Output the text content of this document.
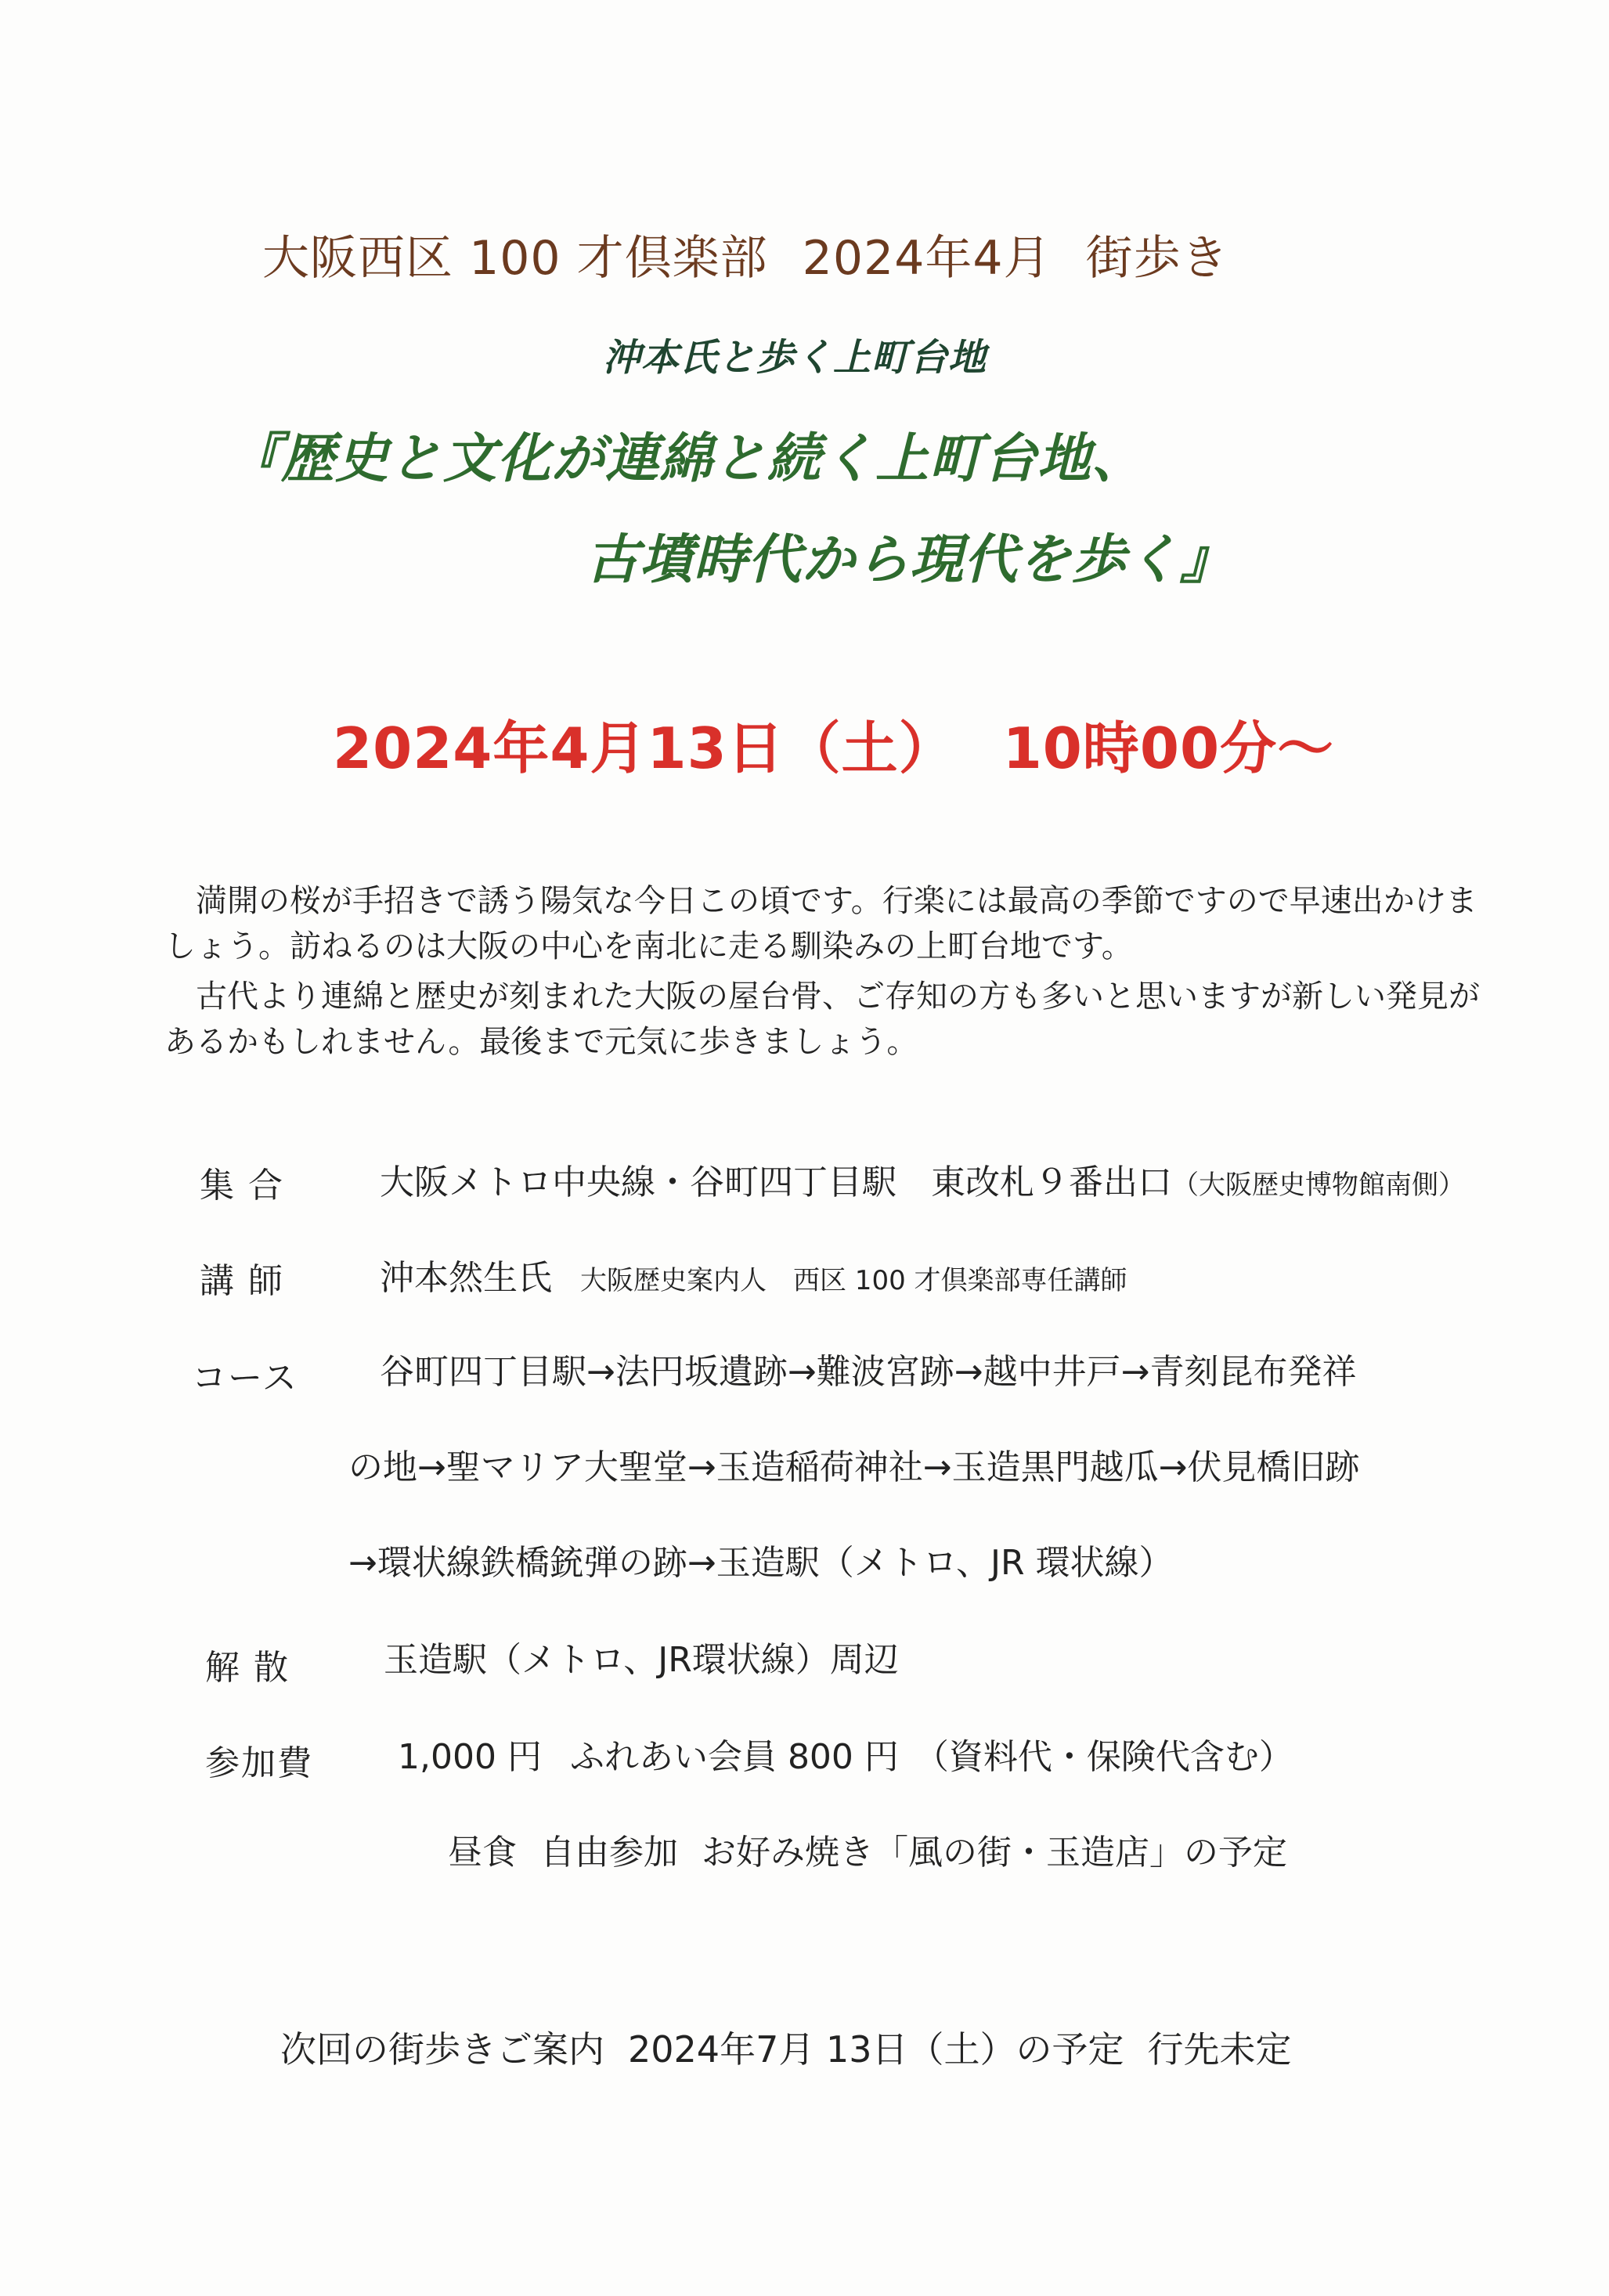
大阪西区 100 才倶楽部 2024年4月 街歩き
沖本氏と歩く上町台地
『歴史と文化が連綿と続く上町台地、
古墳時代から現代を歩く』
2024年4月13日（土） 10時00分～

満開の桜が手招きで誘う陽気な今日この頃です。行楽には最高の季節ですので早速出かけましょう。訪ねるのは大阪の中心を南北に走る馴染みの上町台地です。

古代より連綿と歴史が刻まれた大阪の屋台骨、ご存知の方も多いと思いますが新しい発見があるかもしれません。最後まで元気に歩きましょう。

集 合	大阪メトロ中央線・谷町四丁目駅　東改札９番出口（大阪歴史博物館南側）
講 師	沖本然生氏 大阪歴史案内人　西区 100 才倶楽部専任講師
コース 谷町四丁目駅→法円坂遺跡→難波宮跡→越中井戸→青刻昆布発祥
の地→聖マリア大聖堂→玉造稲荷神社→玉造黒門越瓜→伏見橋旧跡
→環状線鉄橋銃弾の跡→玉造駅（メトロ、JR 環状線）
解 散	玉造駅（メトロ、JR環状線）周辺
参加費 1,000 円 ふれあい会員 800 円 （資料代・保険代含む）
昼食 自由参加 お好み焼き「風の街・玉造店」の予定
次回の街歩きご案内 2024年7月 13日（土）の予定 行先未定
